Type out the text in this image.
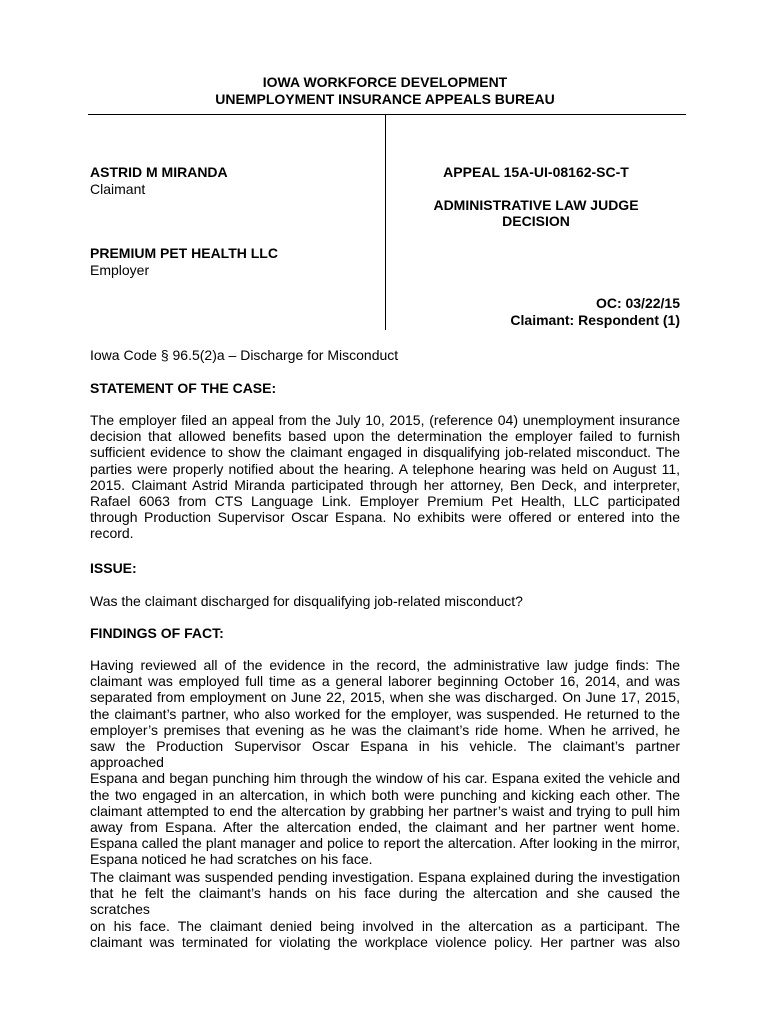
IOWA WORKFORCE DEVELOPMENT
UNEMPLOYMENT INSURANCE APPEALS BUREAU
ASTRID M MIRANDA
Claimant
PREMIUM PET HEALTH LLC
Employer
APPEAL 15A-UI-08162-SC-T
ADMINISTRATIVE LAW JUDGE
DECISION
OC: 03/22/15
Claimant: Respondent (1)
Iowa Code § 96.5(2)a – Discharge for Misconduct
STATEMENT OF THE CASE:
The employer filed an appeal from the July 10, 2015, (reference 04) unemployment insurance
decision that allowed benefits based upon the determination the employer failed to furnish
sufficient evidence to show the claimant engaged in disqualifying job-related misconduct. The
parties were properly notified about the hearing. A telephone hearing was held on August 11,
2015. Claimant Astrid Miranda participated through her attorney, Ben Deck, and interpreter,
Rafael 6063 from CTS Language Link. Employer Premium Pet Health, LLC participated
through Production Supervisor Oscar Espana. No exhibits were offered or entered into the
record.
ISSUE:
Was the claimant discharged for disqualifying job-related misconduct?
FINDINGS OF FACT:
Having reviewed all of the evidence in the record, the administrative law judge finds: The
claimant was employed full time as a general laborer beginning October 16, 2014, and was
separated from employment on June 22, 2015, when she was discharged. On June 17, 2015,
the claimant’s partner, who also worked for the employer, was suspended. He returned to the
employer’s premises that evening as he was the claimant’s ride home. When he arrived, he
saw the Production Supervisor Oscar Espana in his vehicle. The claimant’s partner approached
Espana and began punching him through the window of his car. Espana exited the vehicle and
the two engaged in an altercation, in which both were punching and kicking each other. The
claimant attempted to end the altercation by grabbing her partner’s waist and trying to pull him
away from Espana. After the altercation ended, the claimant and her partner went home.
Espana called the plant manager and police to report the altercation. After looking in the mirror,
Espana noticed he had scratches on his face.
The claimant was suspended pending investigation. Espana explained during the investigation
that he felt the claimant’s hands on his face during the altercation and she caused the scratches
on his face. The claimant denied being involved in the altercation as a participant. The
claimant was terminated for violating the workplace violence policy. Her partner was also
